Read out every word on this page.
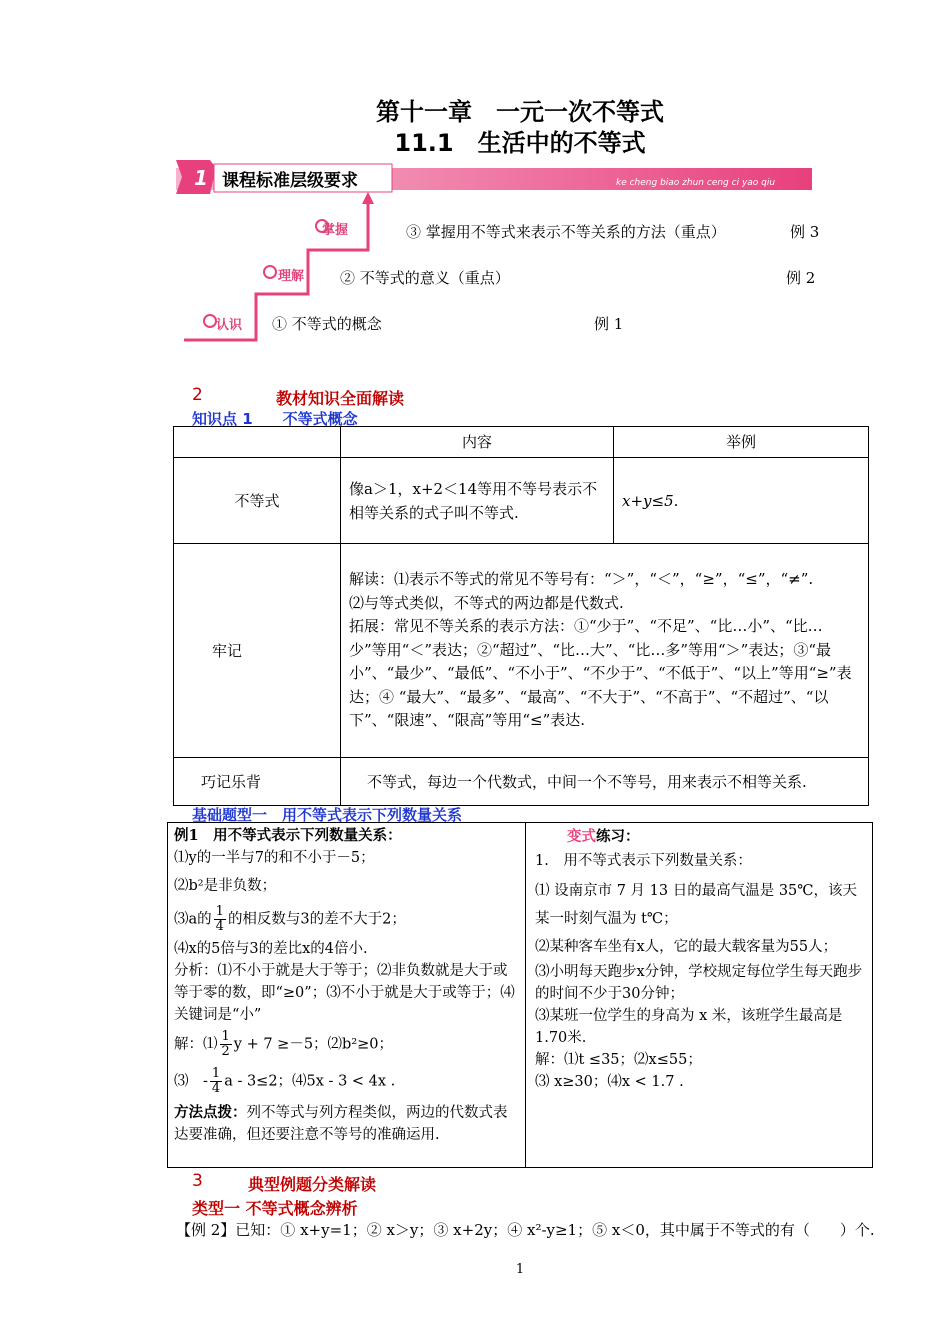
第十一章　一元一次不等式
11.1　生活中的不等式
1 课程标准层级要求	ke cheng biao zhun ceng ci yao qiu
掌握
理解
认识
③ 掌握用不等式来表示不等关系的方法（重点）	例 3
② 不等式的意义（重点）	例 2
① 不等式的概念	例 1
2	教材知识全面解读
知识点 1　　不等式概念
	内容	举例
不等式	像a＞1，x+2＜14等用不等号表示不相等关系的式子叫不等式.	x+y≤5.
牢记	解读：⑴表示不等式的常见不等号有：“＞”，“＜”，“≥”，“≤”，“≠”.
⑵与等式类似，不等式的两边都是代数式.
拓展：常见不等关系的表示方法：①“少于”、“不足”、“比…小”、“比…少”等用“＜”表达；②“超过”、“比…大”、“比…多”等用“＞”表达；③“最小”、“最少”、“最低”、“不小于”、“不少于”、“不低于”、“以上”等用“≥”表达；④ “最大”、“最多”、“最高”、“不大于”、“不高于”、“不超过”、“以下”、“限速”、“限高”等用“≤”表达.	

巧记乐背	不等式，每边一个代数式，中间一个不等号，用来表示不相等关系.	
基础题型一　用不等式表示下列数量关系
例1　用不等式表示下列数量关系：
⑴y的一半与7的和不小于－5；
⑵b²是非负数；
⑶a的 $\frac{1}{4}$ 的相反数与3的差不大于2；
⑷x的5倍与3的差比x的4倍小.
分析：⑴不小于就是大于等于；⑵非负数就是大于或等于零的数，即“≥0”；⑶不小于就是大于或等于；⑷关键词是“小”
解：⑴ $\frac{1}{2}$ y + 7 ≥－5；⑵b²≥0；
⑶　- $\frac{1}{4}$ a - 3≤2；⑷5x - 3 < 4x .
方法点拨：列不等式与列方程类似，两边的代数式表达要准确，但还要注意不等号的准确运用.
变式练习：
1.　用不等式表示下列数量关系：
⑴ 设南京市 7 月 13 日的最高气温是 35℃，该天某一时刻气温为 t℃；
⑵某种客车坐有x人，它的最大载客量为55人；
⑶小明每天跑步x分钟，学校规定每位学生每天跑步的时间不少于30分钟；
⑶某班一位学生的身高为 x 米，该班学生最高是1.70米.
解：⑴t ≤35；⑵x≤55；
⑶ x≥30；⑷x < 1.7 .
3	典型例题分类解读
类型一 不等式概念辨析
【例 2】已知：① x+y=1；② x＞y；③ x+2y；④ x²-y≥1；⑤ x＜0，其中属于不等式的有（　　）个.
1
